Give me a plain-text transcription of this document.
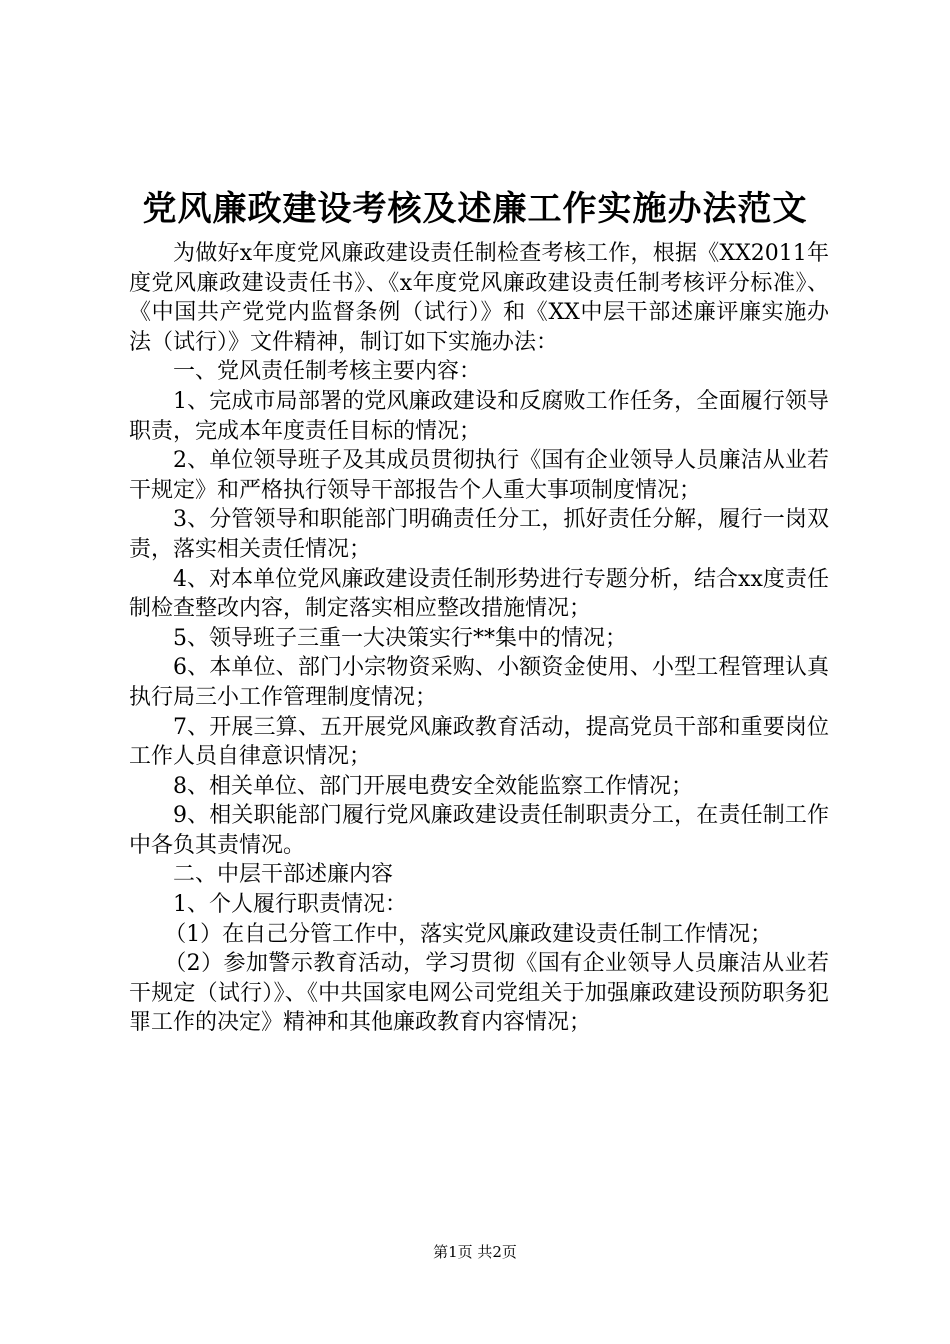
党风廉政建设考核及述廉工作实施办法范文

为做好x年度党风廉政建设责任制检查考核工作，根据《XX2011年度党风廉政建设责任书》、《x年度党风廉政建设责任制考核评分标准》、《中国共产党党内监督条例（试行）》和《XX中层干部述廉评廉实施办法（试行）》文件精神，制订如下实施办法：

一、党风责任制考核主要内容：

1、完成市局部署的党风廉政建设和反腐败工作任务，全面履行领导职责，完成本年度责任目标的情况；

2、单位领导班子及其成员贯彻执行《国有企业领导人员廉洁从业若干规定》和严格执行领导干部报告个人重大事项制度情况；

3、分管领导和职能部门明确责任分工，抓好责任分解，履行一岗双责，落实相关责任情况；

4、对本单位党风廉政建设责任制形势进行专题分析，结合xx度责任制检查整改内容，制定落实相应整改措施情况；

5、领导班子三重一大决策实行**集中的情况；

6、本单位、部门小宗物资采购、小额资金使用、小型工程管理认真执行局三小工作管理制度情况；

7、开展三算、五开展党风廉政教育活动，提高党员干部和重要岗位工作人员自律意识情况；

8、相关单位、部门开展电费安全效能监察工作情况；

9、相关职能部门履行党风廉政建设责任制职责分工，在责任制工作中各负其责情况。

二、中层干部述廉内容

1、个人履行职责情况：

（1）在自己分管工作中，落实党风廉政建设责任制工作情况；

（2）参加警示教育活动，学习贯彻《国有企业领导人员廉洁从业若干规定（试行）》、《中共国家电网公司党组关于加强廉政建设预防职务犯罪工作的决定》精神和其他廉政教育内容情况；

第1页 共2页
